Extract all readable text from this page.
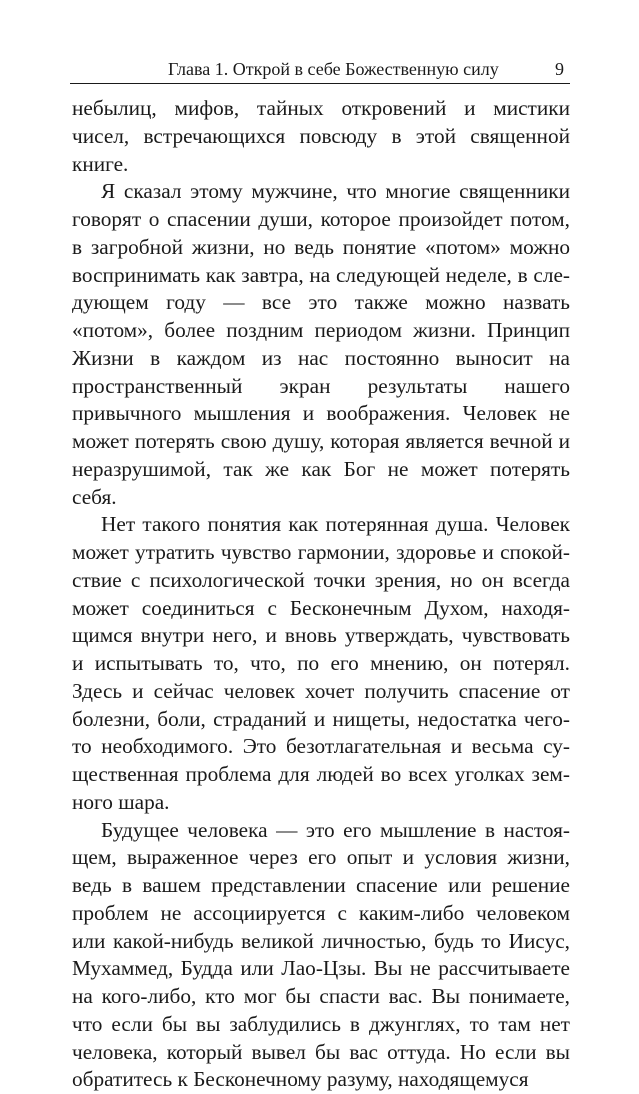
Глава 1. Открой в себе Божественную силу	9

небылиц, мифов, тайных откровений и мистики чисел, встречающихся повсюду в этой священной книге.

Я сказал этому мужчине, что многие священники говорят о спасении души, которое произойдет потом, в загробной жизни, но ведь понятие «потом» можно воспринимать как завтра, на следующей неделе, в следующем году — все это также можно назвать «потом», более поздним периодом жизни. Принцип Жизни в каждом из нас постоянно выносит на пространственный экран результаты нашего привычного мышления и воображения. Человек не может потерять свою душу, которая является вечной и неразрушимой, так же как Бог не может потерять себя.

Нет такого понятия как потерянная душа. Человек может утратить чувство гармонии, здоровье и спокойствие с психологической точки зрения, но он всегда может соединиться с Бесконечным Духом, находящимся внутри него, и вновь утверждать, чувствовать и испытывать то, что, по его мнению, он потерял. Здесь и сейчас человек хочет получить спасение от болезни, боли, страданий и нищеты, недостатка чего-то необходимого. Это безотлагательная и весьма существенная проблема для людей во всех уголках земного шара.

Будущее человека — это его мышление в настоящем, выраженное через его опыт и условия жизни, ведь в вашем представлении спасение или решение проблем не ассоциируется с каким-либо человеком или какой-нибудь великой личностью, будь то Иисус, Мухаммед, Будда или Лао-Цзы. Вы не рассчитываете на кого-либо, кто мог бы спасти вас. Вы понимаете, что если бы вы заблудились в джунглях, то там нет человека, который вывел бы вас оттуда. Но если вы обратитесь к Бесконечному разуму, находящемуся
